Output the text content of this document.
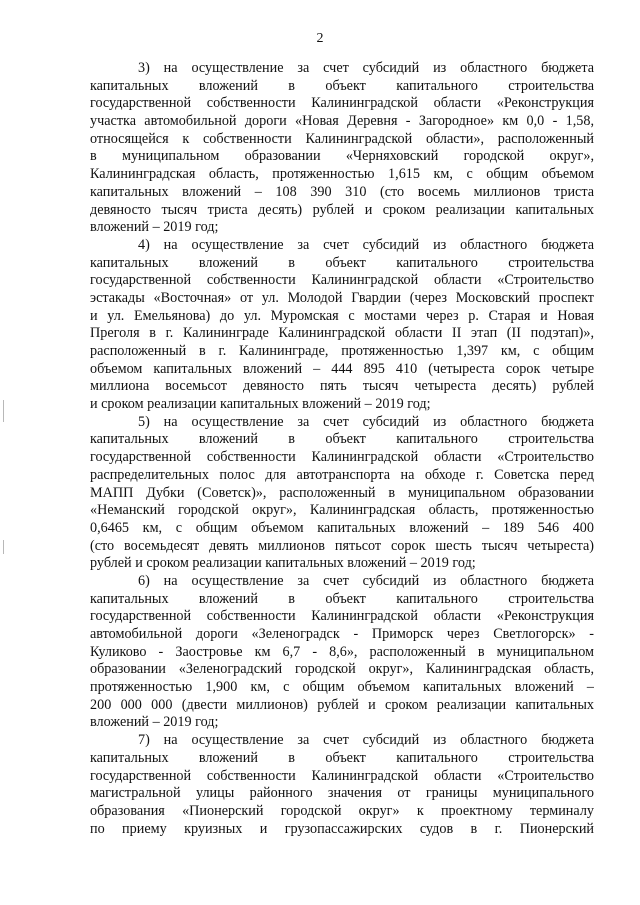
2
3) на осуществление за счет субсидий из областного бюджета
капитальных вложений в объект капитального строительства
государственной собственности Калининградской области «Реконструкция
участка автомобильной дороги «Новая Деревня - Загородное» км 0,0 - 1,58,
относящейся к собственности Калининградской области», расположенный
в муниципальном образовании «Черняховский городской округ»,
Калининградская область, протяженностью 1,615 км, с общим объемом
капитальных вложений – 108 390 310 (сто восемь миллионов триста
девяносто тысяч триста десять) рублей и сроком реализации капитальных
вложений – 2019 год;
4) на осуществление за счет субсидий из областного бюджета
капитальных вложений в объект капитального строительства
государственной собственности Калининградской области «Строительство
эстакады «Восточная» от ул. Молодой Гвардии (через Московский проспект
и ул. Емельянова) до ул. Муромская с мостами через р. Старая и Новая
Преголя в г. Калининграде Калининградской области II этап (II подэтап)»,
расположенный в г. Калининграде, протяженностью 1,397 км, с общим
объемом капитальных вложений – 444 895 410 (четыреста сорок четыре
миллиона восемьсот девяносто пять тысяч четыреста десять) рублей
и сроком реализации капитальных вложений – 2019 год;
5) на осуществление за счет субсидий из областного бюджета
капитальных вложений в объект капитального строительства
государственной собственности Калининградской области «Строительство
распределительных полос для автотранспорта на обходе г. Советска перед
МАПП Дубки (Советск)», расположенный в муниципальном образовании
«Неманский городской округ», Калининградская область, протяженностью
0,6465 км, с общим объемом капитальных вложений – 189 546 400
(сто восемьдесят девять миллионов пятьсот сорок шесть тысяч четыреста)
рублей и сроком реализации капитальных вложений – 2019 год;
6) на осуществление за счет субсидий из областного бюджета
капитальных вложений в объект капитального строительства
государственной собственности Калининградской области «Реконструкция
автомобильной дороги «Зеленоградск - Приморск через Светлогорск» -
Куликово - Заостровье км 6,7 - 8,6», расположенный в муниципальном
образовании «Зеленоградский городской округ», Калининградская область,
протяженностью 1,900 км, с общим объемом капитальных вложений –
200 000 000 (двести миллионов) рублей и сроком реализации капитальных
вложений – 2019 год;
7) на осуществление за счет субсидий из областного бюджета
капитальных вложений в объект капитального строительства
государственной собственности Калининградской области «Строительство
магистральной улицы районного значения от границы муниципального
образования «Пионерский городской округ» к проектному терминалу
по приему круизных и грузопассажирских судов в г. Пионерский
